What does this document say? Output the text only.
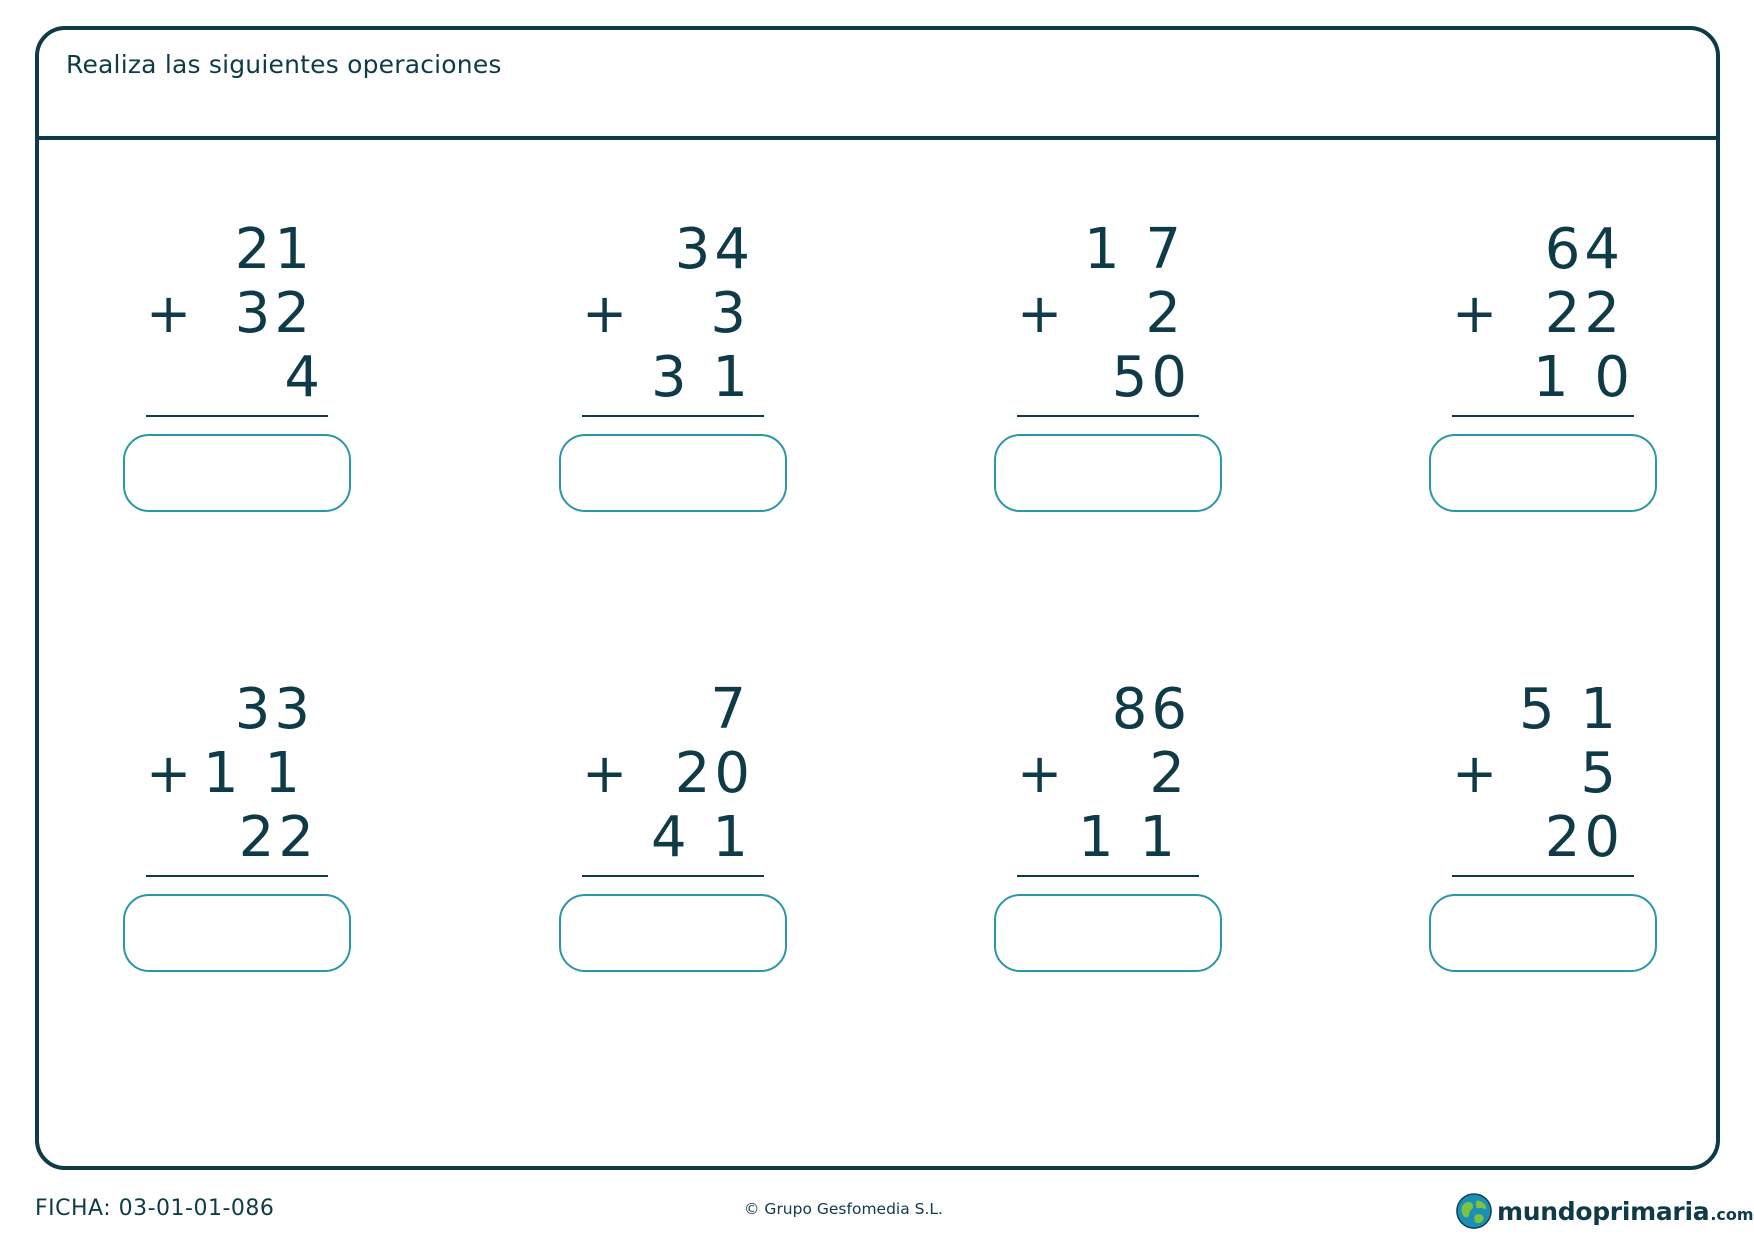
Realiza las siguientes operaciones
21
+ 32
4
34
+ 3
3 1
1 7
+ 2
50
64
+ 22
1 0
33
+ 1 1
22
7
+ 20
4 1
86
+ 2
1 1
5 1
+ 5
20
FICHA: 03-01-01-086	© Grupo Gesfomedia S.L.	mundoprimaria .com
